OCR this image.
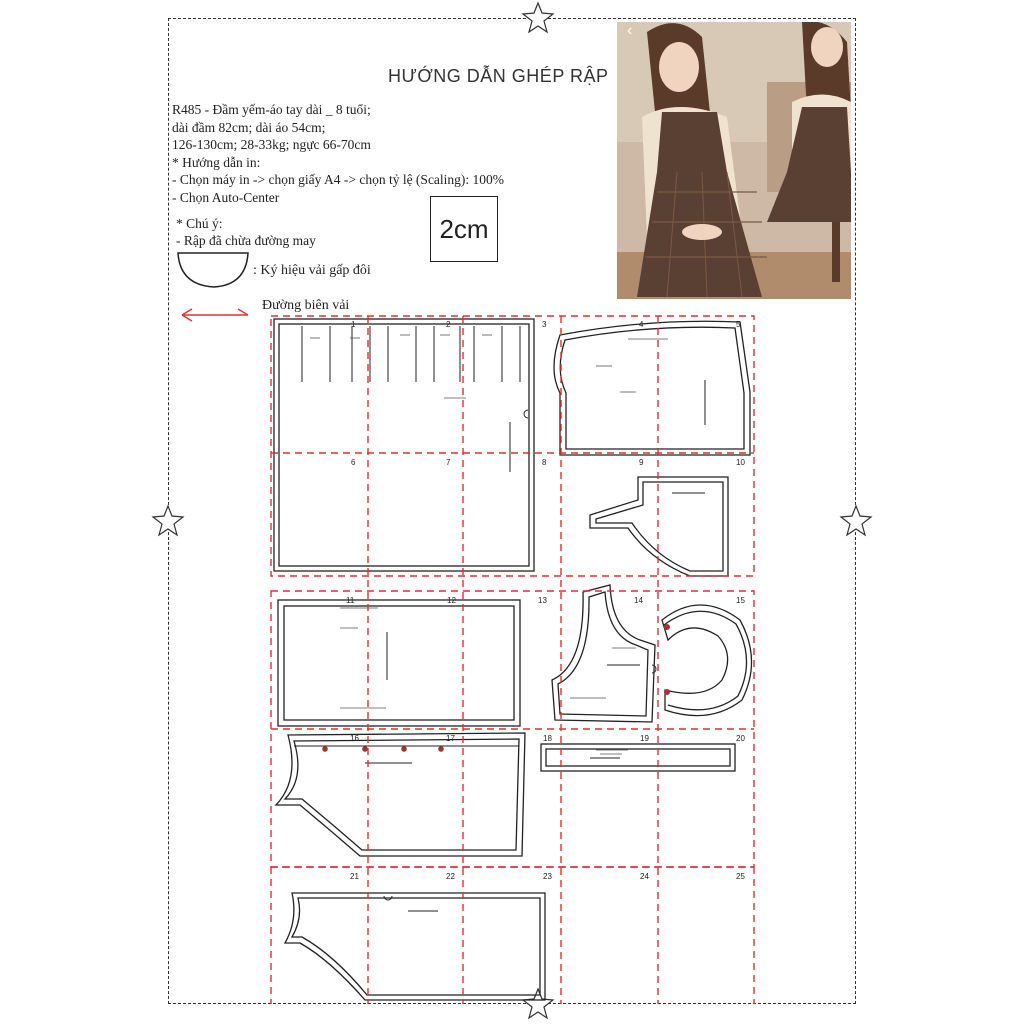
HƯỚNG DẪN GHÉP RẬP
R485 - Đầm yếm-áo tay dài _ 8 tuổi;
dài đầm 82cm; dài áo 54cm;
126-130cm; 28-33kg; ngực 66-70cm
* Hướng dẫn in:
- Chọn máy in -> chọn giấy A4 -> chọn tỷ lệ (Scaling): 100%
- Chọn Auto-Center
* Chú ý:
- Rập đã chừa đường may	2cm
: Ký hiệu vải gấp đôi
Đường biên vải
‹
1	2	3	4	5
6	7	8	9	10
11	12	13	14	15
16	17	18	19	20
21	22	23	24	25
